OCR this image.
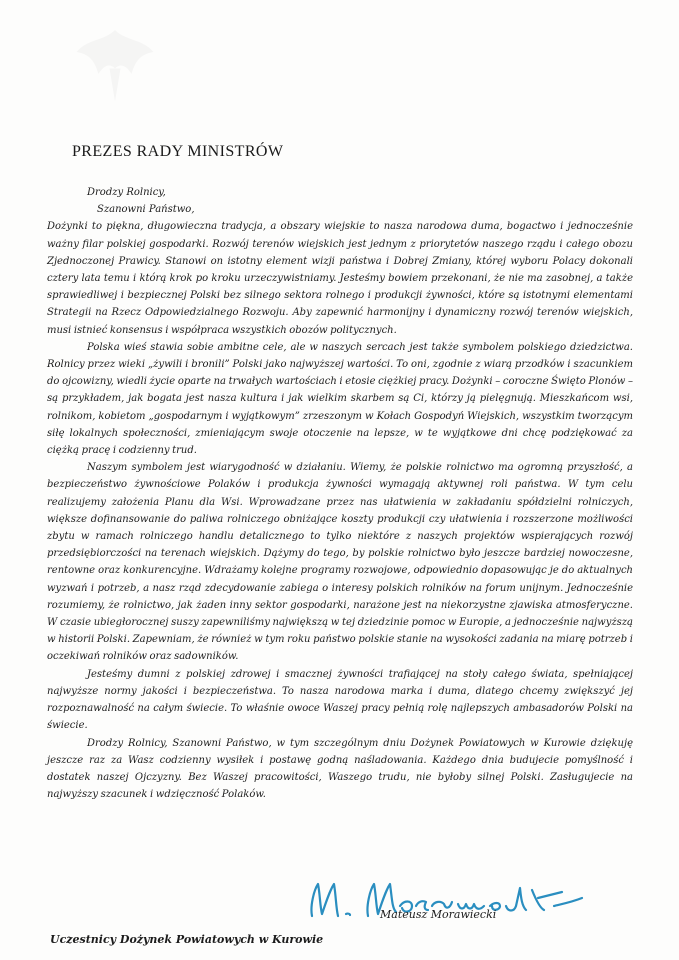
PREZES RADY MINISTRÓW

Drodzy Rolnicy,

Szanowni Państwo,

Dożynki to piękna, długowieczna tradycja, a obszary wiejskie to nasza narodowa duma, bogactwo i jednocześnie ważny filar polskiej gospodarki. Rozwój terenów wiejskich jest jednym z priorytetów naszego rządu i całego obozu Zjednoczonej Prawicy. Stanowi on istotny element wizji państwa i Dobrej Zmiany, której wyboru Polacy dokonali cztery lata temu i którą krok po kroku urzeczywistniamy. Jesteśmy bowiem przekonani, że nie ma zasobnej, a także sprawiedliwej i bezpiecznej Polski bez silnego sektora rolnego i produkcji żywności, które są istotnymi elementami Strategii na Rzecz Odpowiedzialnego Rozwoju. Aby zapewnić harmonijny i dynamiczny rozwój terenów wiejskich, musi istnieć konsensus i współpraca wszystkich obozów politycznych.

Polska wieś stawia sobie ambitne cele, ale w naszych sercach jest także symbolem polskiego dziedzictwa. Rolnicy przez wieki „żywili i bronili” Polski jako najwyższej wartości. To oni, zgodnie z wiarą przodków i szacunkiem do ojcowizny, wiedli życie oparte na trwałych wartościach i etosie ciężkiej pracy. Dożynki – coroczne Święto Plonów – są przykładem, jak bogata jest nasza kultura i jak wielkim skarbem są Ci, którzy ją pielęgnują. Mieszkańcom wsi, rolnikom, kobietom „gospodarnym i wyjątkowym” zrzeszonym w Kołach Gospodyń Wiejskich, wszystkim tworzącym siłę lokalnych społeczności, zmieniającym swoje otoczenie na lepsze, w te wyjątkowe dni chcę podziękować za ciężką pracę i codzienny trud.

Naszym symbolem jest wiarygodność w działaniu. Wiemy, że polskie rolnictwo ma ogromną przyszłość, a bezpieczeństwo żywnościowe Polaków i produkcja żywności wymagają aktywnej roli państwa. W tym celu realizujemy założenia Planu dla Wsi. Wprowadzane przez nas ułatwienia w zakładaniu spółdzielni rolniczych, większe dofinansowanie do paliwa rolniczego obniżające koszty produkcji czy ułatwienia i rozszerzone możliwości zbytu w ramach rolniczego handlu detalicznego to tylko niektóre z naszych projektów wspierających rozwój przedsiębiorczości na terenach wiejskich. Dążymy do tego, by polskie rolnictwo było jeszcze bardziej nowoczesne, rentowne oraz konkurencyjne. Wdrażamy kolejne programy rozwojowe, odpowiednio dopasowując je do aktualnych wyzwań i potrzeb, a nasz rząd zdecydowanie zabiega o interesy polskich rolników na forum unijnym. Jednocześnie rozumiemy, że rolnictwo, jak żaden inny sektor gospodarki, narażone jest na niekorzystne zjawiska atmosferyczne. W czasie ubiegłorocznej suszy zapewniliśmy największą w tej dziedzinie pomoc w Europie, a jednocześnie najwyższą w historii Polski. Zapewniam, że również w tym roku państwo polskie stanie na wysokości zadania na miarę potrzeb i oczekiwań rolników oraz sadowników.

Jesteśmy dumni z polskiej zdrowej i smacznej żywności trafiającej na stoły całego świata, spełniającej najwyższe normy jakości i bezpieczeństwa. To nasza narodowa marka i duma, dlatego chcemy zwiększyć jej rozpoznawalność na całym świecie. To właśnie owoce Waszej pracy pełnią rolę najlepszych ambasadorów Polski na świecie.

Drodzy Rolnicy, Szanowni Państwo, w tym szczególnym dniu Dożynek Powiatowych w Kurowie dziękuję jeszcze raz za Wasz codzienny wysiłek i postawę godną naśladowania. Każdego dnia budujecie pomyślność i dostatek naszej Ojczyzny. Bez Waszej pracowitości, Waszego trudu, nie byłoby silnej Polski. Zasługujecie na najwyższy szacunek i wdzięczność Polaków.

Mateusz Morawiecki
Uczestnicy Dożynek Powiatowych w Kurowie
